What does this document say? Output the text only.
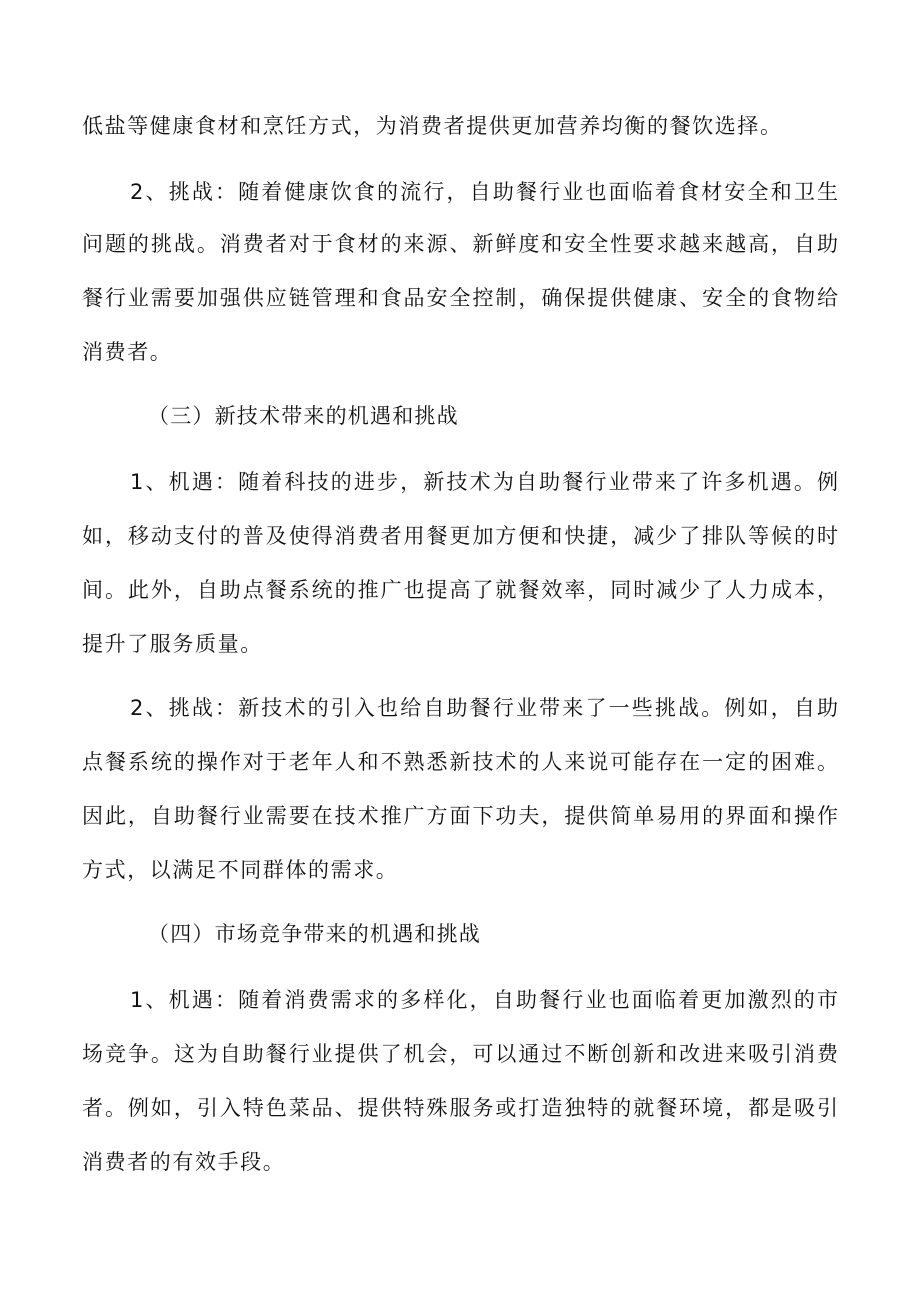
低盐等健康食材和烹饪方式，为消费者提供更加营养均衡的餐饮选择。
2、挑战：随着健康饮食的流行，自助餐行业也面临着食材安全和卫生
问题的挑战。消费者对于食材的来源、新鲜度和安全性要求越来越高，自助
餐行业需要加强供应链管理和食品安全控制，确保提供健康、安全的食物给
消费者。
（三）新技术带来的机遇和挑战
1、机遇：随着科技的进步，新技术为自助餐行业带来了许多机遇。例
如，移动支付的普及使得消费者用餐更加方便和快捷，减少了排队等候的时
间。此外，自助点餐系统的推广也提高了就餐效率，同时减少了人力成本，
提升了服务质量。
2、挑战：新技术的引入也给自助餐行业带来了一些挑战。例如，自助
点餐系统的操作对于老年人和不熟悉新技术的人来说可能存在一定的困难。
因此，自助餐行业需要在技术推广方面下功夫，提供简单易用的界面和操作
方式，以满足不同群体的需求。
（四）市场竞争带来的机遇和挑战
1、机遇：随着消费需求的多样化，自助餐行业也面临着更加激烈的市
场竞争。这为自助餐行业提供了机会，可以通过不断创新和改进来吸引消费
者。例如，引入特色菜品、提供特殊服务或打造独特的就餐环境，都是吸引
消费者的有效手段。
